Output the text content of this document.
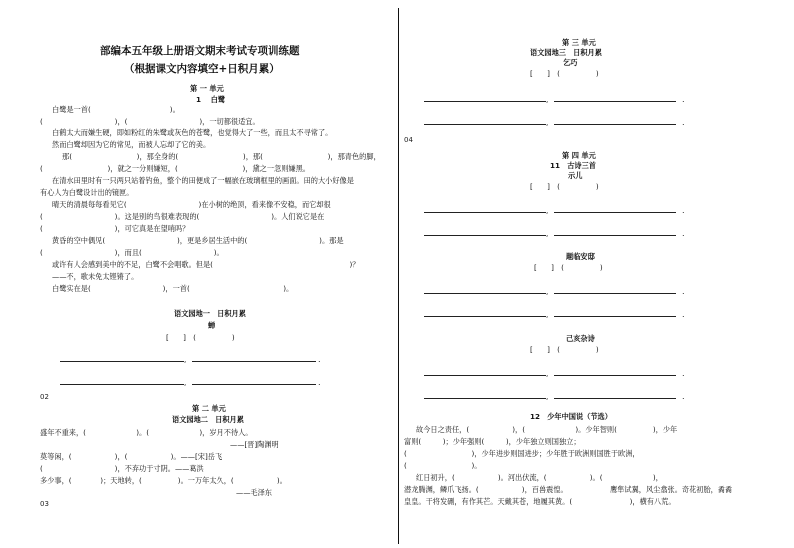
部编本五年级上册语文期末考试专项训练题
（根据课文内容填空+日积月累）
第 一 单元
1　 白鹭
白鹭是一首(　　　　　　　　　　　)。
(　　　　　　　　　　)，(　　　　　　　　　　)，一切都很适宜。
白鹤太大而嫌生硬，即如粉红的朱鹭或灰色的苍鹭，也觉得大了一些，而且太不寻常了。
然而白鹭却因为它的常见，而被人忘却了它的美。
那(　　　　　　　　　)，那全身的(　　　　　　　　　)，那(　　　　　　　　　)，那青色的脚，
(　　　　　　　　　)，就之一分则嫌短，(　　　　　　　　　)，黛之一忽则嫌黑。
在清水田里时有一只两只站着钓鱼，整个的田便成了一幅嵌在玻璃框里的画面。田的大小好像是
有心人为白鹭设计出的镜匣。
晴天的清晨每每看见它(　　　　　　　　　　)在小树的绝顶，看来像不安稳，而它却很
(　　　　　　　　　　)。这是别的鸟很难表现的(　　　　　　　　　　)。人们说它是在
(　　　　　　　　　　)，可它真是在望哨吗？
黄昏的空中偶见(　　　　　　　　　　)，更是乡居生活中的(　　　　　　　　　　)。那是
(　　　　　　　　　　)，而且(　　　　　　　　　　)。
或许有人会感到美中的不足，白鹭不会唱歌。但是(　　　　　　　　　　　　　　　　　　　)？
——不，歌未免太铿锵了。
白鹭实在是(　　　　　　　　　　)，一首(　　　　　　　　　　　　　)。
语文园地一　日积月累
蝉
[　　]　(　　　　　)
,	.
,	.
02
第 二 单元
语文园地二　日积月累
盛年不重来，(　　　　　　　)。(　　　　　　　)，岁月不待人。
——[晋]陶渊明
莫等闲，(　　　　　　)，(　　　　　　)。——[宋]岳飞
(　　　　　　　　　　)，不弃功于寸阴。——葛洪
多少事，(　　　　)；天地转，(　　　　　)。一万年太久，(　　　　　　)。
——毛泽东
03
第 三 单元
语文园地三　日积月累
乞巧
[　　]　(　　　　　)
,	.
,	.
04
第 四 单元
11　古诗三首
示儿
[　　]　(　　　　　)
,	.
,	.
题临安邸
[　　]　(　　　　　)
,	.
,	.
己亥杂诗
[　　]　(　　　　　)
,	.
,	.
12　少年中国说（节选）
故今日之责任，(　　　　　　)，(　　　　　　　)。少年智则(　　　　　)，少年
富则(　　　)；少年强则(　　　)，少年独立则国独立；
(　　　　　　　　　)，少年进步则国进步；少年胜于欧洲则国胜于欧洲，
(　　　　　　　　　)。
红日初升，(　　　　　　)。河出伏流，(　　　　　　)。(　　　　　　　)，
潜龙腾渊，鳞爪飞扬。(　　　　　　)，百兽震惶。	鹰隼试翼，风尘翕张。奇花初胎，矞矞
皇皇。干将发硎，有作其芒。天戴其苍，地履其黄。(　　　　　　　　)，横有八荒。
